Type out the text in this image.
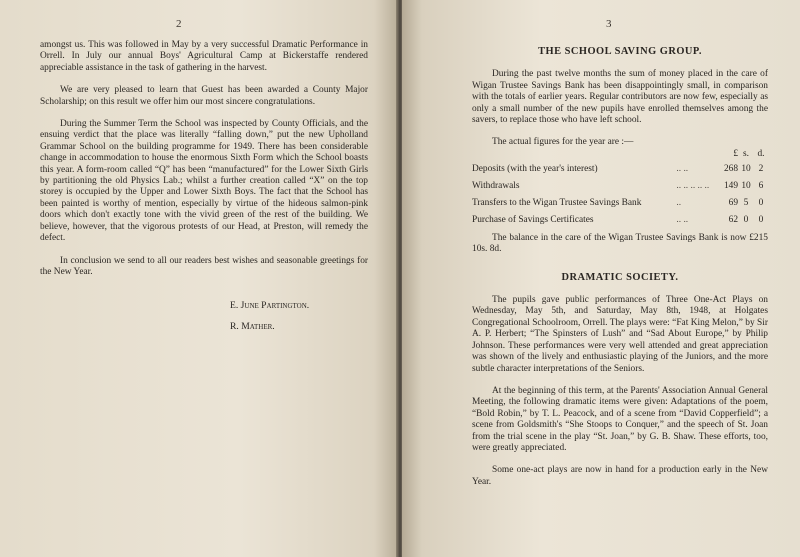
2

amongst us. This was followed in May by a very successful Dramatic Performance in Orrell. In July our annual Boys' Agricultural Camp at Bickerstaffe rendered appreciable assistance in the task of gathering in the harvest.

We are very pleased to learn that Guest has been awarded a County Major Scholarship; on this result we offer him our most sincere congratulations.

During the Summer Term the School was inspected by County Officials, and the ensuing verdict that the place was literally “falling down,” put the new Upholland Grammar School on the building programme for 1949. There has been considerable change in accommodation to house the enormous Sixth Form which the School boasts this year. A form-room called “Q” has been “manufactured” for the Lower Sixth Girls by partitioning the old Physics Lab.; whilst a further creation called “X” on the top storey is occupied by the Upper and Lower Sixth Boys. The fact that the School has been painted is worthy of mention, especially by virtue of the hideous salmon-pink doors which don't exactly tone with the vivid green of the rest of the building. We believe, however, that the vigorous protests of our Head, at Preston, will remedy the defect.

In conclusion we send to all our readers best wishes and seasonable greetings for the New Year.

E. June Partington.

R. Mather.

3
THE SCHOOL SAVING GROUP.

During the past twelve months the sum of money placed in the care of Wigan Trustee Savings Bank has been disappointingly small, in comparison with the totals of earlier years. Regular contributors are now few, especially as only a small number of the new pupils have enrolled themselves among the savers, to replace those who have left school.

The actual figures for the year are :—

		£	s.	d.
Deposits (with the year's interest)	.. ..	268	10	2
Withdrawals	.. .. .. .. ..	149	10	6
Transfers to the Wigan Trustee Savings Bank	..	69	5	0
Purchase of Savings Certificates	.. ..	62	0	0

The balance in the care of the Wigan Trustee Savings Bank is now £215 10s. 8d.

DRAMATIC SOCIETY.

The pupils gave public performances of Three One-Act Plays on Wednesday, May 5th, and Saturday, May 8th, 1948, at Holgates Congregational Schoolroom, Orrell. The plays were: “Fat King Melon,” by Sir A. P. Herbert; “The Spinsters of Lush” and “Sad About Europe,” by Philip Johnson. These performances were very well attended and great appreciation was shown of the lively and enthusiastic playing of the Juniors, and the more subtle character interpretations of the Seniors.

At the beginning of this term, at the Parents' Association Annual General Meeting, the following dramatic items were given: Adaptations of the poem, “Bold Robin,” by T. L. Peacock, and of a scene from “David Copperfield”; a scene from Goldsmith's “She Stoops to Conquer,” and the speech of St. Joan from the trial scene in the play “St. Joan,” by G. B. Shaw. These efforts, too, were greatly appreciated.

Some one-act plays are now in hand for a production early in the New Year.
